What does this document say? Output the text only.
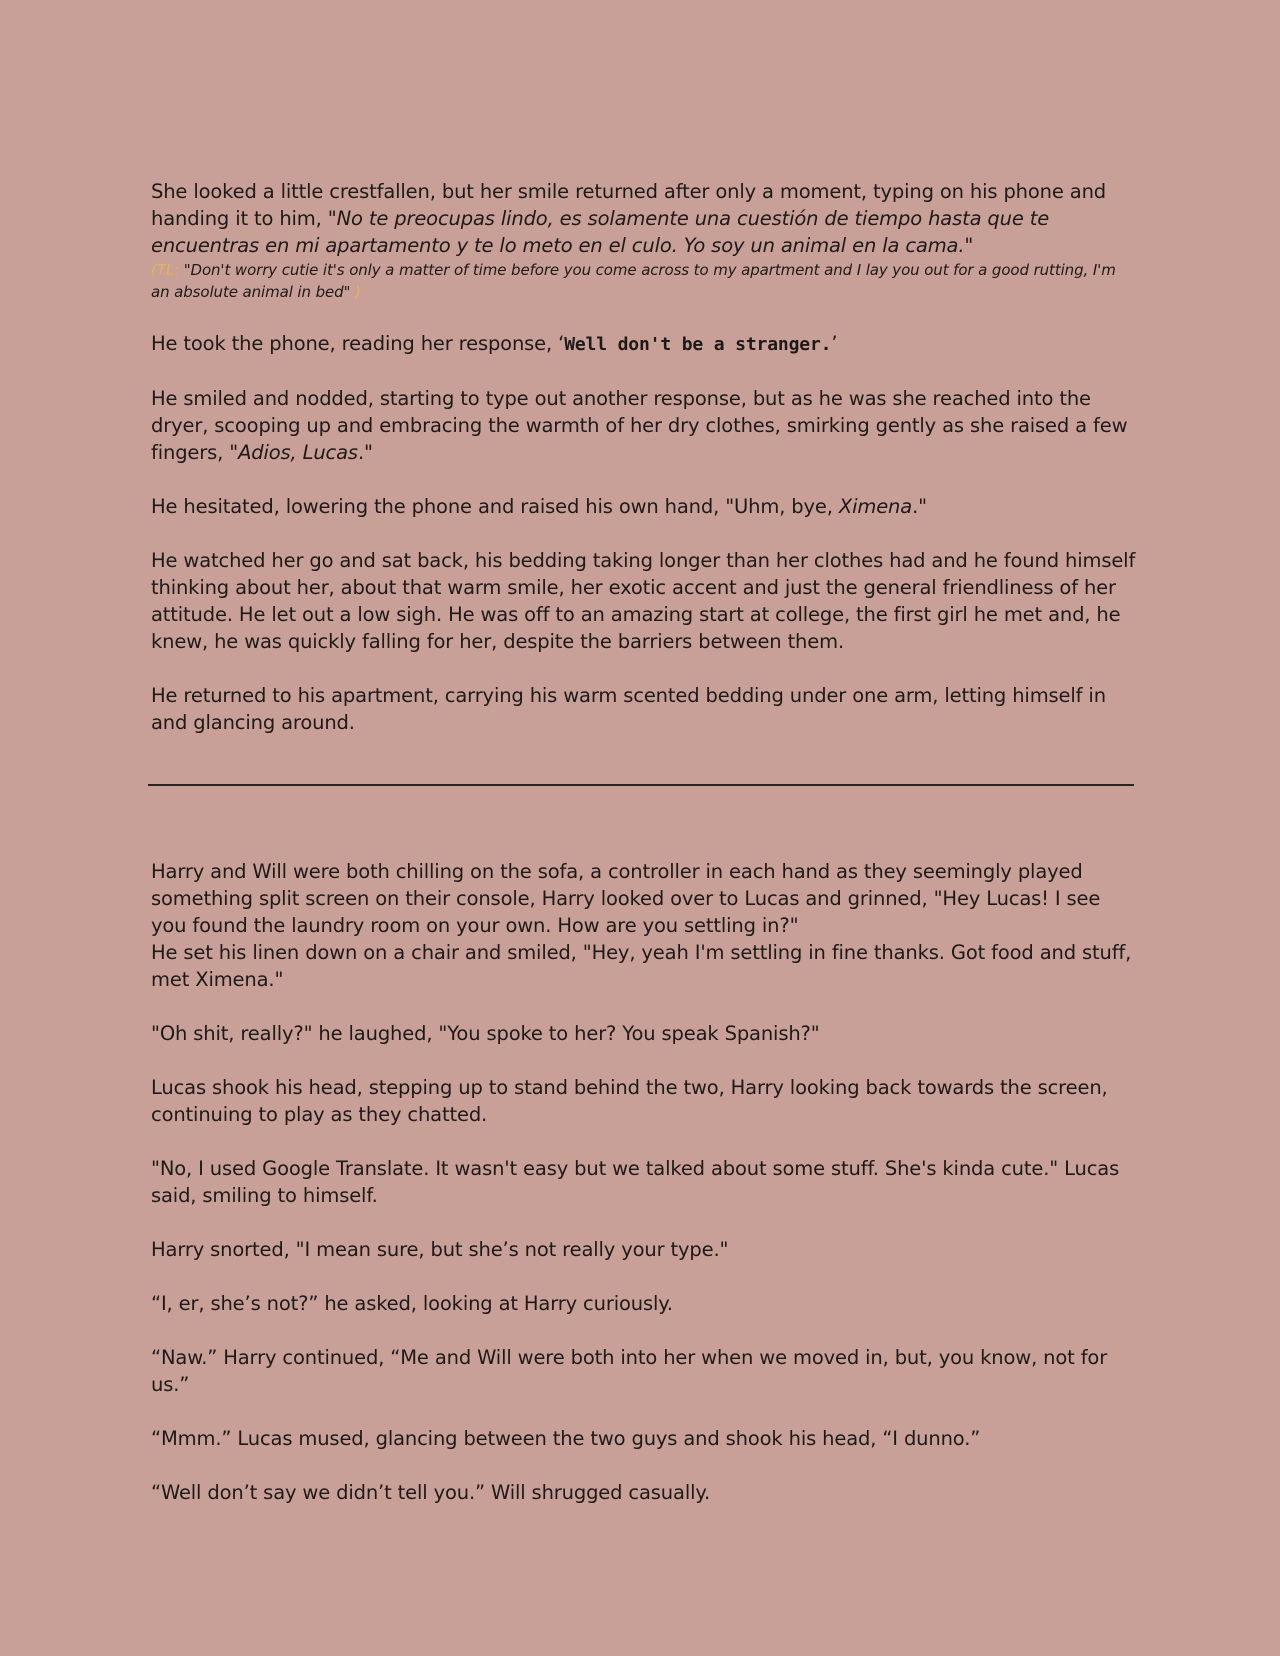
She looked a little crestfallen, but her smile returned after only a moment, typing on his phone and handing it to him, "No te preocupas lindo, es solamente una cuestión de tiempo hasta que te encuentras en mi apartamento y te lo meto en el culo. Yo soy un animal en la cama."

(TL: "Don't worry cutie it's only a matter of time before you come across to my apartment and I lay you out for a good rutting, I'm an absolute animal in bed" )

He took the phone, reading her response, ‘Well don't be a stranger.’

He smiled and nodded, starting to type out another response, but as he was she reached into the dryer, scooping up and embracing the warmth of her dry clothes, smirking gently as she raised a few fingers, "Adios, Lucas."

He hesitated, lowering the phone and raised his own hand, "Uhm, bye, Ximena."

He watched her go and sat back, his bedding taking longer than her clothes had and he found himself thinking about her, about that warm smile, her exotic accent and just the general friendliness of her attitude. He let out a low sigh. He was off to an amazing start at college, the first girl he met and, he knew, he was quickly falling for her, despite the barriers between them.

He returned to his apartment, carrying his warm scented bedding under one arm, letting himself in and glancing around.

Harry and Will were both chilling on the sofa, a controller in each hand as they seemingly played something split screen on their console, Harry looked over to Lucas and grinned, "Hey Lucas! I see you found the laundry room on your own. How are you settling in?"

He set his linen down on a chair and smiled, "Hey, yeah I'm settling in fine thanks. Got food and stuff, met Ximena."

"Oh shit, really?" he laughed, "You spoke to her? You speak Spanish?"

Lucas shook his head, stepping up to stand behind the two, Harry looking back towards the screen, continuing to play as they chatted.

"No, I used Google Translate. It wasn't easy but we talked about some stuff. She's kinda cute." Lucas said, smiling to himself.

Harry snorted, "I mean sure, but she’s not really your type."

“I, er, she’s not?” he asked, looking at Harry curiously.

“Naw.” Harry continued, “Me and Will were both into her when we moved in, but, you know, not for us.”

“Mmm.” Lucas mused, glancing between the two guys and shook his head, “I dunno.”

“Well don’t say we didn’t tell you.” Will shrugged casually.
